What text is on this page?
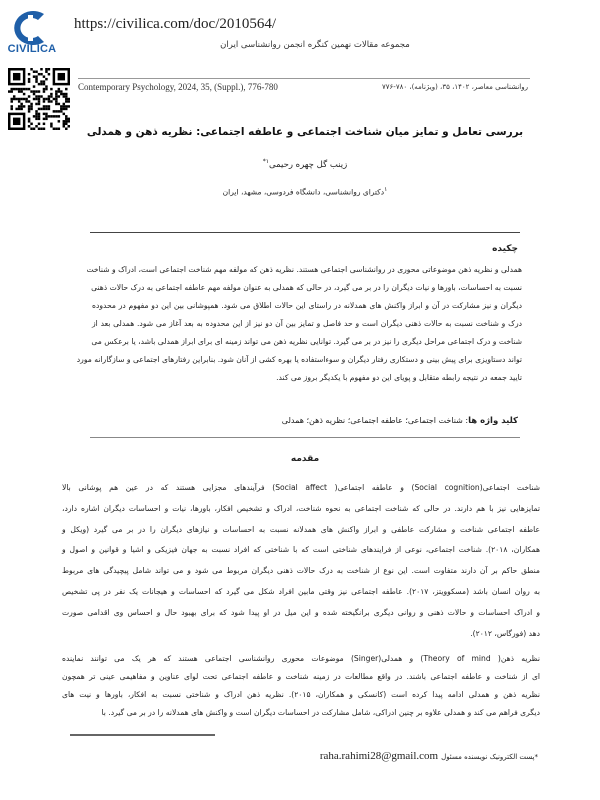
CIVILICA
https://civilica.com/doc/2010564/
مجموعه مقالات نهمین کنگره انجمن روانشناسی ایران
Contemporary Psychology, 2024, 35, (Suppl.), 776-780	روانشناسی معاصر، ۱۴۰۲، ۳۵، (ویژنامه)، ۷۸۰-۷۷۶
بررسی تعامل و تمایز میان شناخت اجتماعی و عاطفه اجتماعی: نظریه ذهن و همدلی
زینب گل چهره رحیمی$^{۱*}$
$^۱$دکترای روانشناسی، دانشگاه فردوسی، مشهد، ایران
چکیده
همدلی و نظریه ذهن موضوعاتی محوری در روانشناسی اجتماعی هستند. نظریه ذهن که مولفه مهم شناخت اجتماعی است، ادراک و شناخت
نسبت به احساسات، باورها و نیات دیگران را در بر می گیرد، در حالی که همدلی به عنوان مولفه مهم عاطفه اجتماعی به درک حالات ذهنی
دیگران و نیز مشارکت در آن و ابراز واکنش های همدلانه در راستای این حالات اطلاق می شود. همپوشانی بین این دو مفهوم در محدوده
درک و شناخت نسبت به حالات ذهنی دیگران است و حد فاصل و تمایز بین آن دو نیز از این محدوده به بعد آغاز می شود. همدلی بعد از
شناخت و درک اجتماعی مراحل دیگری را نیز در بر می گیرد. توانایی نظریه ذهن می تواند زمینه ای برای ابراز همدلی باشد، یا برعکس می
تواند دستاویزی برای پیش بینی و دستکاری رفتار دیگران و سوءاستفاده یا بهره کشی از آنان شود. بنابراین رفتارهای اجتماعی و سازگارانه مورد
تایید جمعه در نتیجه رابطه متقابل و پویای این دو مفهوم با یکدیگر بروز می کند.
کلید واژه ها: شناخت اجتماعی؛ عاطفه اجتماعی؛ نظریه ذهن؛ همدلی
مقدمه
شناخت اجتماعی(Social cognition) و عاطفه اجتماعی( Social affect) فرآیندهای مجزایی هستند که در عین هم پوشانی بالا
تمایزهایی نیز با هم دارند. در حالی که شناخت اجتماعی به نحوه شناخت، ادراک و تشخیص افکار، باورها، نیات و احساسات دیگران اشاره دارد،
عاطفه اجتماعی شناخت و مشارکت عاطفی و ابراز واکنش های همدلانه نسبت به احساسات و نیازهای دیگران را در بر می گیرد (ویکل و
همکاران، ۲۰۱۸). شناخت اجتماعی، نوعی از فرایندهای شناختی است که با شناختی که افراد نسبت به جهان فیزیکی و اشیا و قوانین و اصول و
منطق حاکم بر آن دارند متفاوت است. این نوع از شناخت به درک حالات ذهنی دیگران مربوط می شود و می تواند شامل پیچیدگی های مربوط
به روان انسان باشد (مسکوویتز، ۲۰۱۷). عاطفه اجتماعی نیز وقتی مابین افراد شکل می گیرد که احساسات و هیجانات یک نفر در پی تشخیص
و ادراک احساسات و حالات ذهنی و روانی دیگری برانگیخته شده و این میل در او پیدا شود که برای بهبود حال و احساس وی اقدامی صورت
دهد (فورگاس، ۲۰۱۲).
نظریه ذهن( Theory of mind) و همدلی(Singer) موضوعات محوری روانشناسی اجتماعی هستند که هر یک می توانند نماینده
ای از شناخت و عاطفه اجتماعی باشند. در واقع مطالعات در زمینه شناخت و عاطفه اجتماعی تحت لوای عناوین و مفاهیمی عینی تر همچون
نظریه ذهن و همدلی ادامه پیدا کرده است (کانسکی و همکاران، ۲۰۱۵). نظریه ذهن ادراک و شناختی نسبت به افکار، باورها و نیت های
دیگری فراهم می کند و همدلی علاوه بر چنین ادراکی، شامل مشارکت در احساسات دیگران است و واکنش های همدلانه را در بر می گیرد. با
*پست الکترونیک نویسنده مسئولraha.rahimi28@gmail.com
